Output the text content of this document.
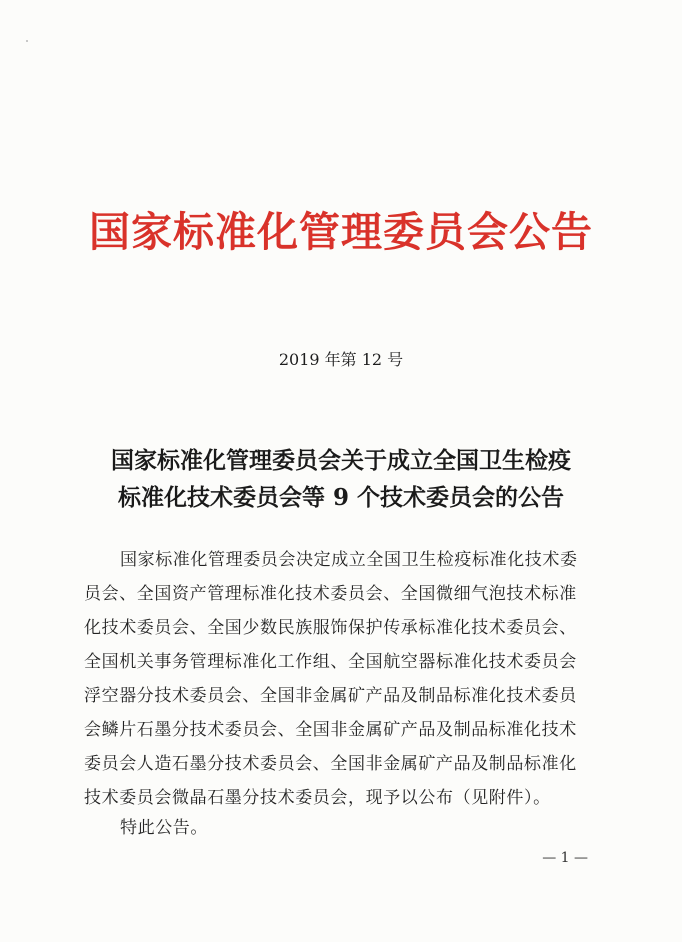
国家标准化管理委员会公告
2019 年第 12 号
国家标准化管理委员会关于成立全国卫生检疫
标准化技术委员会等 9 个技术委员会的公告
国家标准化管理委员会决定成立全国卫生检疫标准化技术委
员会、全国资产管理标准化技术委员会、全国微细气泡技术标准
化技术委员会、全国少数民族服饰保护传承标准化技术委员会、
全国机关事务管理标准化工作组、全国航空器标准化技术委员会
浮空器分技术委员会、全国非金属矿产品及制品标准化技术委员
会鳞片石墨分技术委员会、全国非金属矿产品及制品标准化技术
委员会人造石墨分技术委员会、全国非金属矿产品及制品标准化
技术委员会微晶石墨分技术委员会，现予以公布（见附件）。
特此公告。
— 1 —
